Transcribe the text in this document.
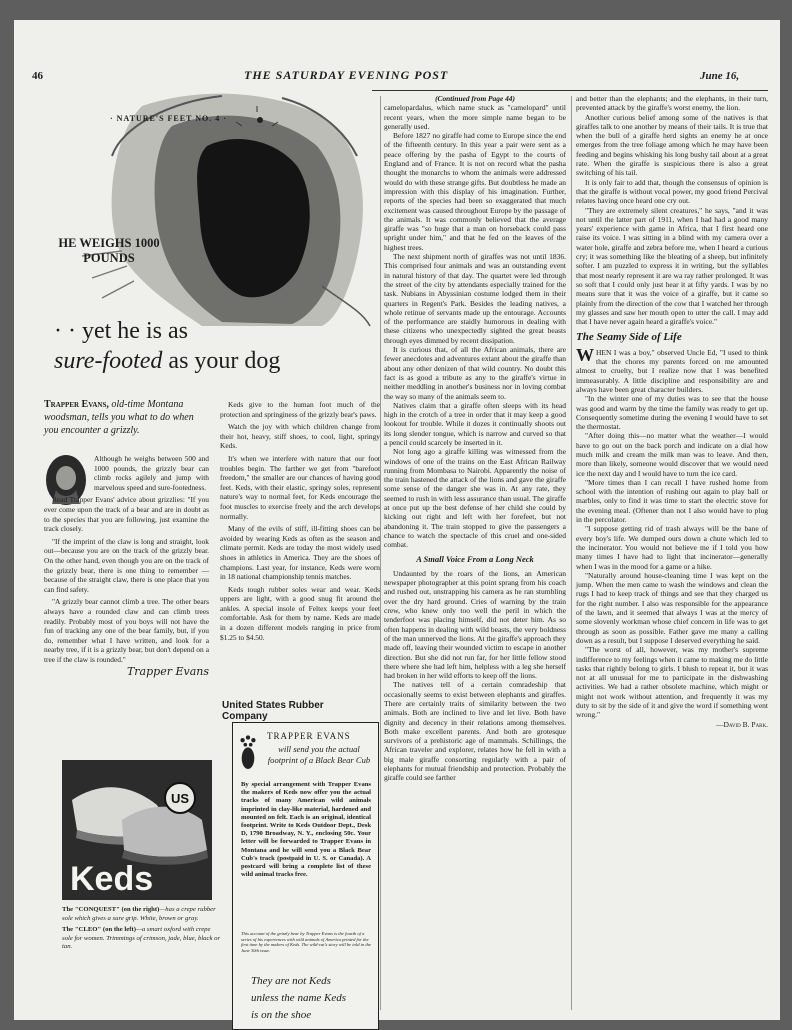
46	THE SATURDAY EVENING POST	June 16,
· NATURE'S FEET NO. 4 ·
HE WEIGHS 1000 POUNDS
· · yet he is as
sure-footed as your dog
Trapper Evans, old-time Montana woodsman, tells you what to do when you encounter a grizzly.

Although he weighs between 500 and 1000 pounds, the grizzly bear can climb rocks agilely and jump with marvelous speed and sure-footedness.

Read Trapper Evans' advice about grizzlies: "If you ever come upon the track of a bear and are in doubt as to the species that you are following, just examine the track closely.

"If the imprint of the claw is long and straight, look out—because you are on the track of the grizzly bear. On the other hand, even though you are on the track of the grizzly bear, there is one thing to remember — because of the straight claw, there is one place that you can find safety.

"A grizzly bear cannot climb a tree. The other bears always have a rounded claw and can climb trees readily. Probably most of you boys will not have the fun of tracking any one of the bear family, but, if you do, remember what I have written, and look for a nearby tree, if it is a grizzly bear, but don't depend on a tree if the claw is rounded."

Trapper Evans

Keds give to the human foot much of the protection and springiness of the grizzly bear's paws.

Watch the joy with which children change from their hot, heavy, stiff shoes, to cool, light, springy Keds.

It's when we interfere with nature that our foot troubles begin. The farther we get from "barefoot freedom," the smaller are our chances of having good feet. Keds, with their elastic, springy soles, represent nature's way to normal feet, for Keds encourage the foot muscles to exercise freely and the arch develops normally.

Many of the evils of stiff, ill-fitting shoes can be avoided by wearing Keds as often as the season and climate permit. Keds are today the most widely used shoes in athletics in America. They are the shoes of champions. Last year, for instance, Keds were worn in 18 national championship tennis matches.

Keds tough rubber soles wear and wear. Keds uppers are light, with a good snug fit around the ankles. A special insole of Feltex keeps your feet comfortable. Ask for them by name. Keds are made in a dozen different models ranging in price from $1.25 to $4.50.

United States Rubber Company
TRAPPER EVANS
will send you the actual footprint of a Black Bear Cub
By special arrangement with Trapper Evans the makers of Keds now offer you the actual tracks of many American wild animals imprinted in clay-like material, hardened and mounted on felt. Each is an original, identical footprint. Write to Keds Outdoor Dept., Desk D, 1790 Broadway, N. Y., enclosing 50c. Your letter will be forwarded to Trapper Evans in Montana and he will send you a Black Bear Cub's track (postpaid in U. S. or Canada). A postcard will bring a complete list of these wild animal tracks free.
This account of the grizzly bear by Trapper Evans is the fourth of a series of his experiences with wild animals of America printed for the first time by the makers of Keds. The wild-cat's story will be told in the June 30th issue.
They are not Keds
unless the name Keds
is on the shoe
US
Keds
The "CONQUEST" (on the right)—has a crepe rubber sole which gives a sure grip. White, brown or gray.
The "CLEO" (on the left)—a smart oxford with crepe sole for women. Trimmings of crimson, jade, blue, black or tan.
(Continued from Page 44)

camelopardalus, which name stuck as "camelopard" until recent years, when the more simple name began to be generally used.

Before 1827 no giraffe had come to Europe since the end of the fifteenth century. In this year a pair were sent as a peace offering by the pasha of Egypt to the courts of England and of France. It is not on record what the pasha thought the monarchs to whom the animals were addressed would do with these strange gifts. But doubtless he made an impression with this display of his imagination. Further, reports of the species had been so exaggerated that much excitement was caused throughout Europe by the passage of the animals. It was commonly believed that the average giraffe was "so huge that a man on horseback could pass upright under him," and that he fed on the leaves of the highest trees.

The next shipment north of giraffes was not until 1836. This comprised four animals and was an outstanding event in natural history of that day. The quartet were led through the street of the city by attendants especially trained for the task. Nubians in Abyssinian costume lodged them in their quarters in Regent's Park. Besides the leading natives, a whole retinue of servants made up the entourage. Accounts of the performance are staidly humorous in dealing with these citizens who unexpectedly sighted the great beasts through eyes dimmed by recent dissipation.

It is curious that, of all the African animals, there are fewer anecdotes and adventures extant about the giraffe than about any other denizen of that wild country. No doubt this fact is as good a tribute as any to the giraffe's virtue in neither meddling in another's business nor in loving combat the way so many of the animals seem to.

Natives claim that a giraffe often sleeps with its head high in the crotch of a tree in order that it may keep a good lookout for trouble. While it dozes it continually shoots out its long slender tongue, which is narrow and curved so that a pencil could scarcely be inserted in it.

Not long ago a giraffe killing was witnessed from the windows of one of the trains on the East African Railway running from Mombasa to Nairobi. Apparently the noise of the train hastened the attack of the lions and gave the giraffe some sense of the danger she was in. At any rate, they seemed to rush in with less assurance than usual. The giraffe at once put up the best defense of her child she could by kicking out right and left with her forefeet, but not abandoning it. The train stopped to give the passengers a chance to watch the spectacle of this cruel and one-sided combat.

A Small Voice From a Long Neck

Undaunted by the roars of the lions, an American newspaper photographer at this point sprang from his coach and rushed out, unstrapping his camera as he ran stumbling over the dry hard ground. Cries of warning by the train crew, who knew only too well the peril in which the tenderfoot was placing himself, did not deter him. As so often happens in dealing with wild beasts, the very boldness of the man unnerved the lions. At the giraffe's approach they made off, leaving their wounded victim to escape in another direction. But she did not run far, for her little fellow stood there where she had left him, helpless with a leg she herself had broken in her wild efforts to keep off the lions.

The natives tell of a certain comradeship that occasionally seems to exist between elephants and giraffes. There are certainly traits of similarity between the two animals. Both are inclined to live and let live. Both have dignity and decency in their relations among themselves. Both make excellent parents. And both are grotesque survivors of a prehistoric age of mammals. Schillings, the African traveler and explorer, relates how he fell in with a big male giraffe consorting regularly with a pair of elephants for mutual friendship and protection. Probably the giraffe could see farther

and better than the elephants; and the elephants, in their turn, prevented attack by the giraffe's worst enemy, the lion.

Another curious belief among some of the natives is that giraffes talk to one another by means of their tails. It is true that when the bull of a giraffe herd sights an enemy he at once emerges from the tree foliage among which he may have been feeding and begins whisking his long bushy tail about at a great rate. When the giraffe is suspicious there is also a great switching of his tail.

It is only fair to add that, though the consensus of opinion is that the giraffe is without vocal power, my good friend Percival relates having once heard one cry out.

"They are extremely silent creatures," he says, "and it was not until the latter part of 1911, when I had had a good many years' experience with game in Africa, that I first heard one raise its voice. I was sitting in a blind with my camera over a water hole, giraffe and zebra before me, when I heard a curious cry; it was something like the bleating of a sheep, but infinitely softer. I am puzzled to express it in writing, but the syllables that most nearly represent it are wa ray rather prolonged. It was so soft that I could only just hear it at fifty yards. I was by no means sure that it was the voice of a giraffe, but it came so plainly from the direction of the cow that I watched her through my glasses and saw her mouth open to utter the call. I may add that I have never again heard a giraffe's voice."

The Seamy Side of Life

WHEN I was a boy," observed Uncle Ed, "I used to think that the chores my parents forced on me amounted almost to cruelty, but I realize now that I was benefited immeasurably. A little discipline and responsibility are and always have been great character builders.

"In the winter one of my duties was to see that the house was good and warm by the time the family was ready to get up. Consequently sometime during the evening I would have to set the thermostat.

"After doing this—no matter what the weather—I would have to go out on the back porch and indicate on a dial how much milk and cream the milk man was to leave. And then, more than likely, someone would discover that we would need ice the next day and I would have to turn the ice card.

"More times than I can recall I have rushed home from school with the intention of rushing out again to play ball or marbles, only to find it was time to start the electric stove for the evening meal. (Oftener than not I also would have to plug in the percolator.

"I suppose getting rid of trash always will be the bane of every boy's life. We dumped ours down a chute which led to the incinerator. You would not believe me if I told you how many times I have had to light that incinerator—generally when I was in the mood for a game or a hike.

"Naturally around house-cleaning time I was kept on the jump. When the men came to wash the windows and clean the rugs I had to keep track of things and see that they charged us for the right number. I also was responsible for the appearance of the lawn, and it seemed that always I was at the mercy of some slovenly workman whose chief concern in life was to get through as soon as possible. Father gave me many a calling down as a result, but I suppose I deserved everything he said.

"The worst of all, however, was my mother's supreme indifference to my feelings when it came to making me do little tasks that rightly belong to girls. I blush to repeat it, but it was not at all unusual for me to participate in the dishwashing activities. We had a rather obsolete machine, which might or might not work without attention, and frequently it was my duty to sit by the side of it and give the word if something went wrong."

—David B. Park.
